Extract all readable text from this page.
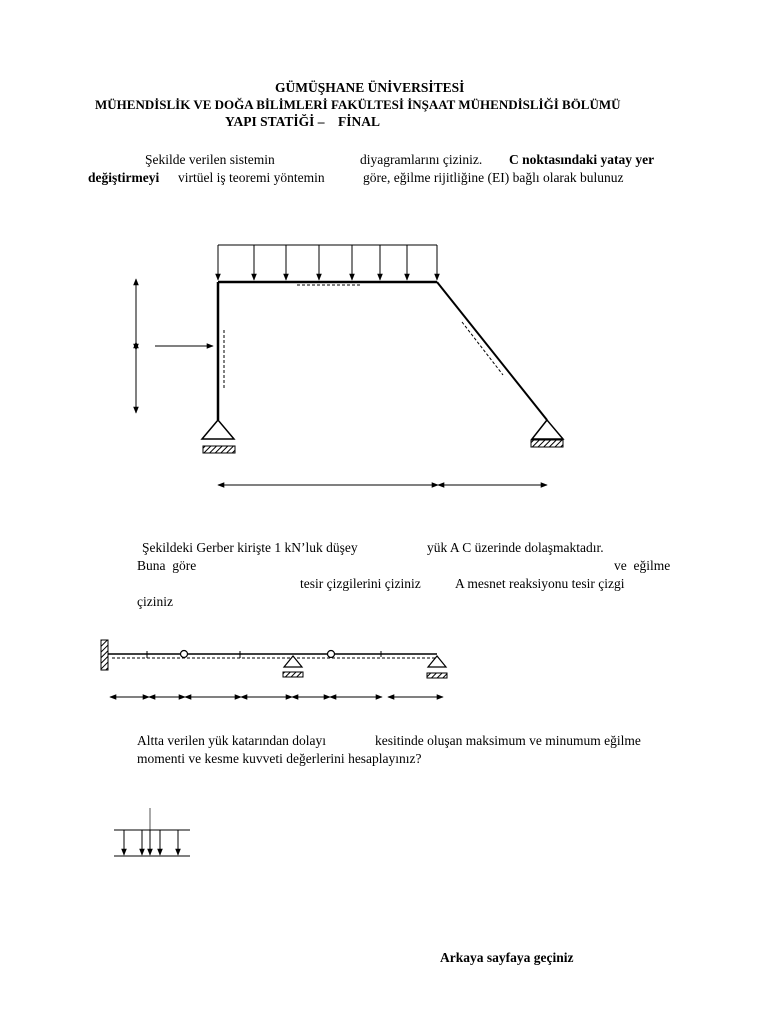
GÜMÜŞHANE ÜNİVERSİTESİ
MÜHENDİSLİK VE DOĞA BİLİMLERİ FAKÜLTESİ İNŞAAT MÜHENDİSLİĞİ BÖLÜMÜ
YAPI STATİĞİ –    FİNAL
Şekilde verilen sistemin	diyagramlarını çiziniz. C noktasındaki yatay yer
değiştirmeyi virtüel iş teoremi yöntemin	göre, eğilme rijitliğine (EI) bağlı olarak bulunuz
Şekildeki Gerber kirişte 1 kN’luk düşey	yük A C üzerinde dolaşmaktadır.
Buna  göre	ve  eğilme
tesir çizgilerini çiziniz	A mesnet reaksiyonu tesir çizgi
çiziniz
Altta verilen yük katarından dolayı	kesitinde oluşan maksimum ve minumum eğilme
momenti ve kesme kuvveti değerlerini hesaplayınız?
Arkaya sayfaya geçiniz
